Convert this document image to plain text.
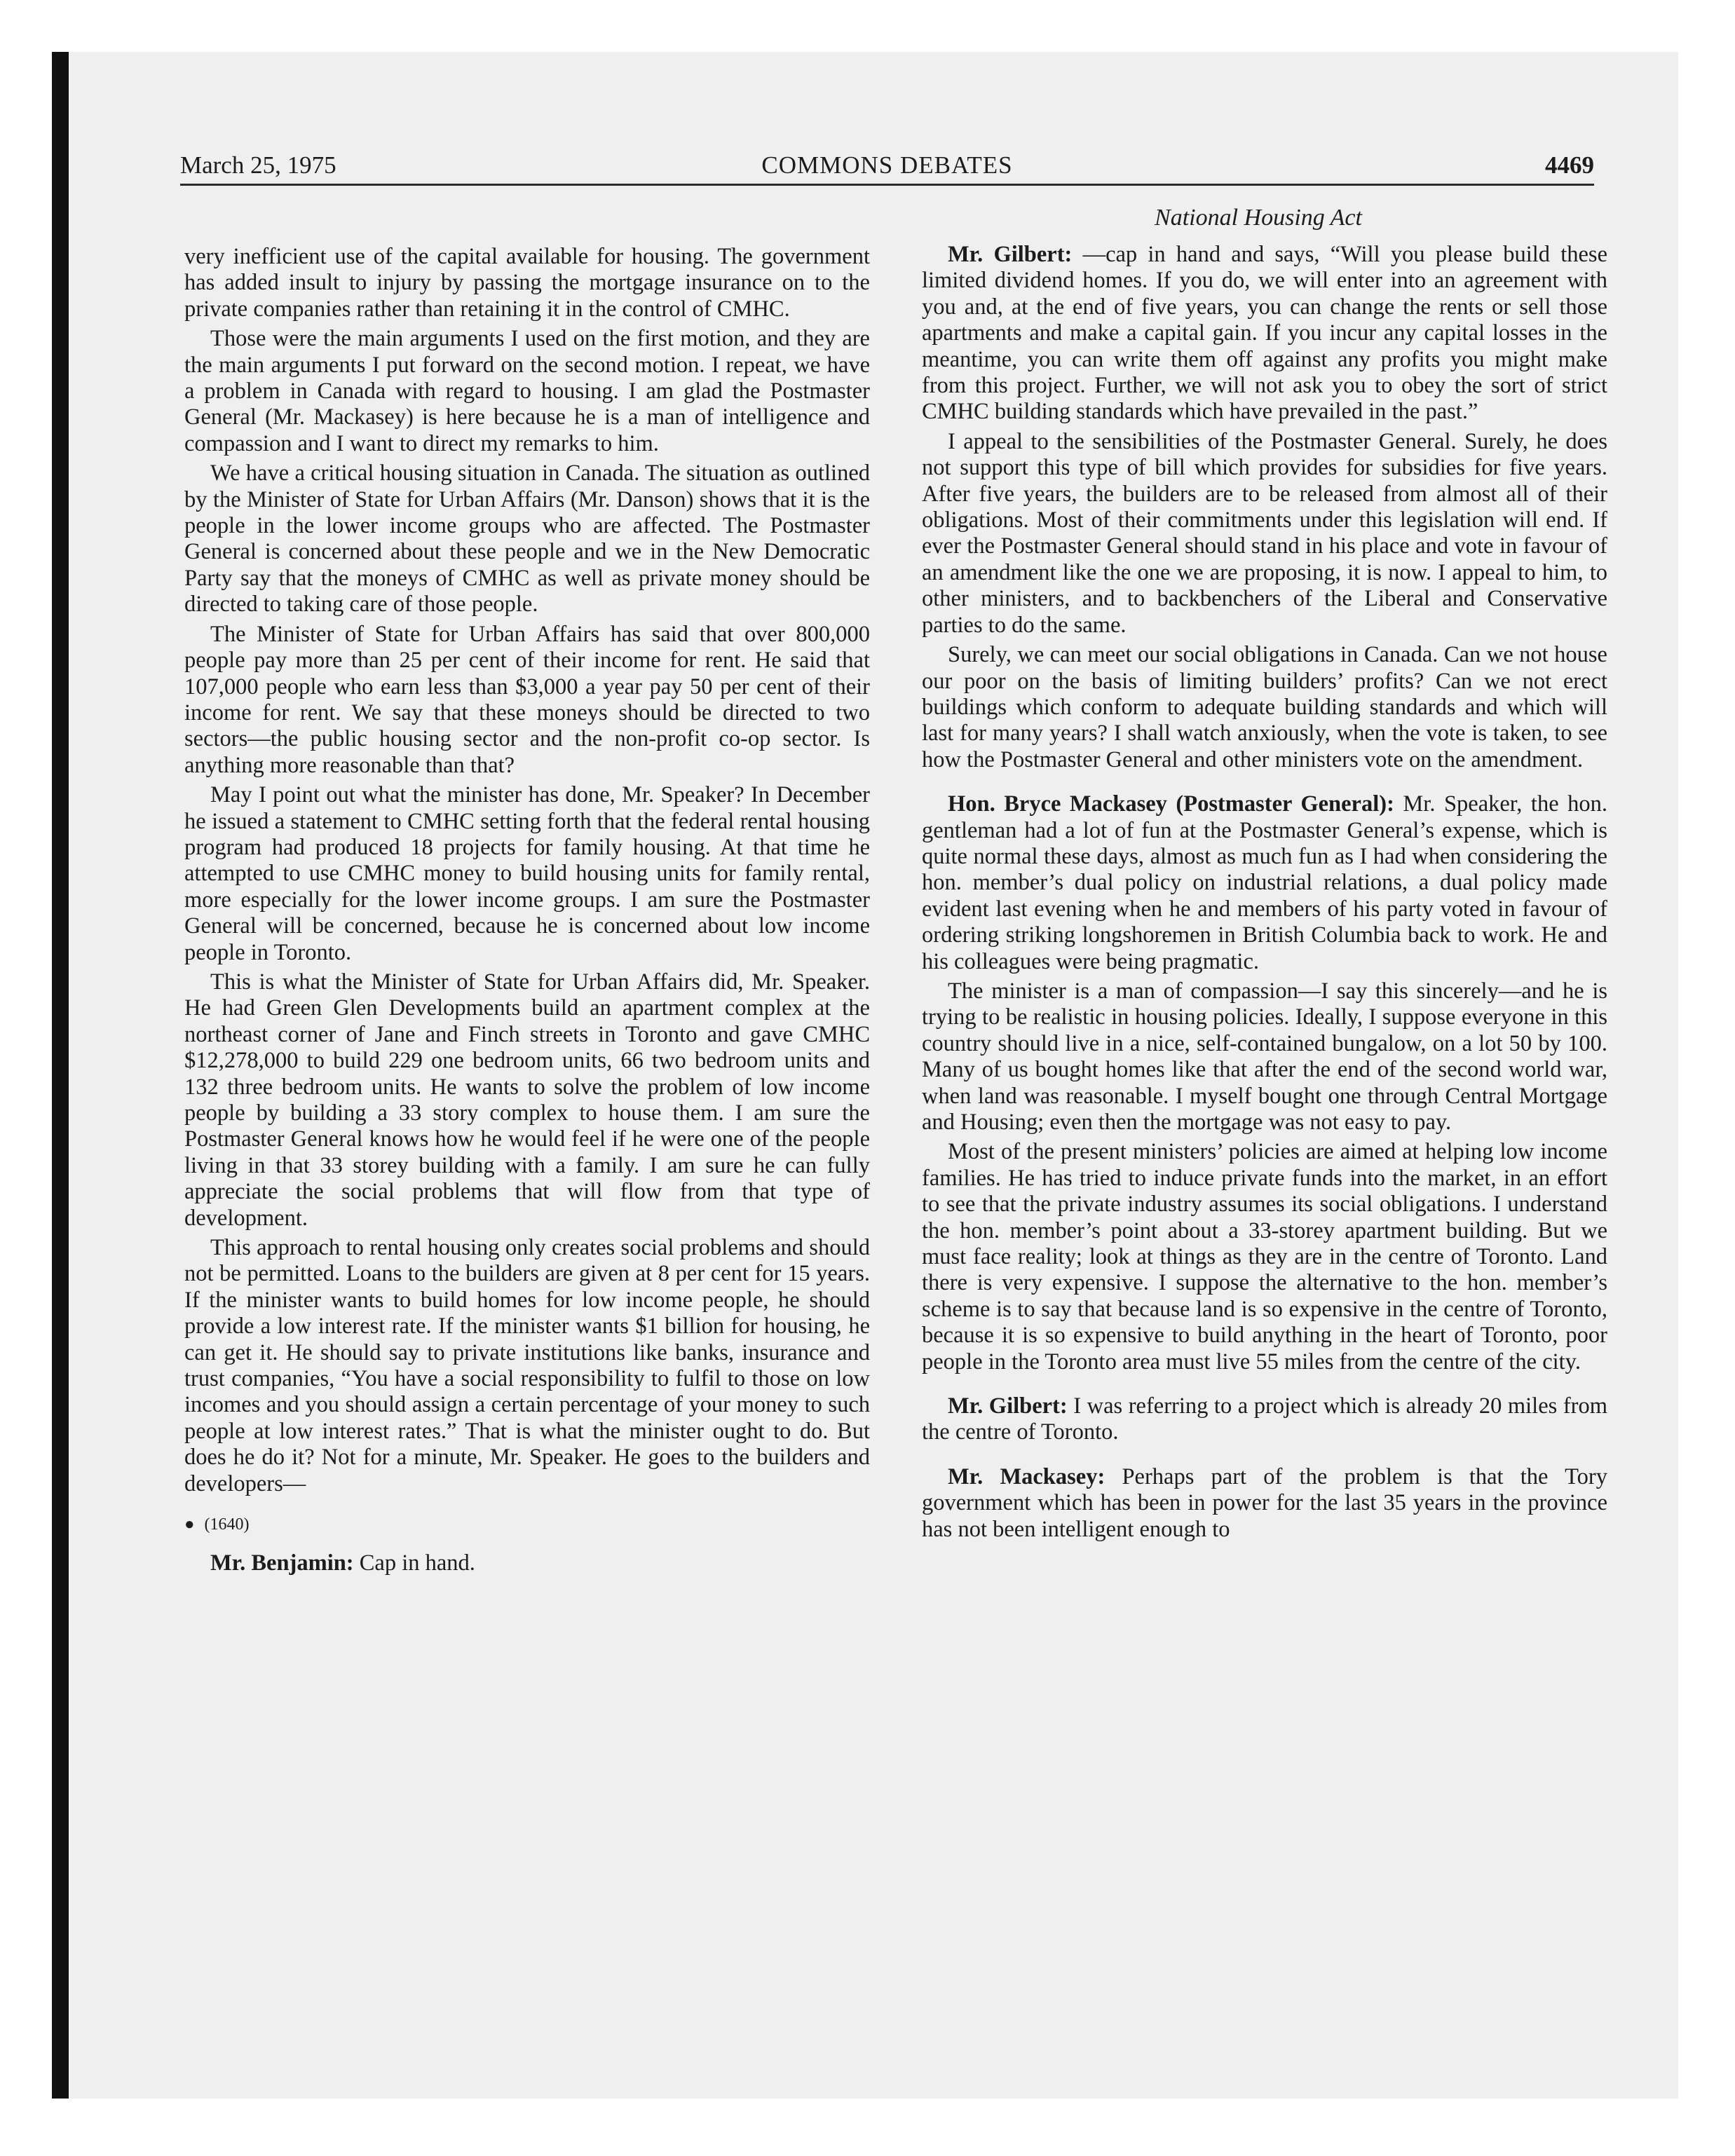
March 25, 1975	COMMONS DEBATES	4469
National Housing Act

very inefficient use of the capital available for housing. The government has added insult to injury by passing the mortgage insurance on to the private companies rather than retaining it in the control of CMHC.

Those were the main arguments I used on the first motion, and they are the main arguments I put forward on the second motion. I repeat, we have a problem in Canada with regard to housing. I am glad the Postmaster General (Mr. Mackasey) is here because he is a man of intelligence and compassion and I want to direct my remarks to him.

We have a critical housing situation in Canada. The situation as outlined by the Minister of State for Urban Affairs (Mr. Danson) shows that it is the people in the lower income groups who are affected. The Postmaster General is concerned about these people and we in the New Democratic Party say that the moneys of CMHC as well as private money should be directed to taking care of those people.

The Minister of State for Urban Affairs has said that over 800,000 people pay more than 25 per cent of their income for rent. He said that 107,000 people who earn less than $3,000 a year pay 50 per cent of their income for rent. We say that these moneys should be directed to two sectors—the public housing sector and the non-profit co-op sector. Is anything more reasonable than that?

May I point out what the minister has done, Mr. Speaker? In December he issued a statement to CMHC setting forth that the federal rental housing program had produced 18 projects for family housing. At that time he attempted to use CMHC money to build housing units for family rental, more especially for the lower income groups. I am sure the Postmaster General will be concerned, because he is concerned about low income people in Toronto.

This is what the Minister of State for Urban Affairs did, Mr. Speaker. He had Green Glen Developments build an apartment complex at the northeast corner of Jane and Finch streets in Toronto and gave CMHC $12,278,000 to build 229 one bedroom units, 66 two bedroom units and 132 three bedroom units. He wants to solve the problem of low income people by building a 33 story complex to house them. I am sure the Postmaster General knows how he would feel if he were one of the people living in that 33 storey building with a family. I am sure he can fully appreciate the social problems that will flow from that type of development.

This approach to rental housing only creates social problems and should not be permitted. Loans to the builders are given at 8 per cent for 15 years. If the minister wants to build homes for low income people, he should provide a low interest rate. If the minister wants $1 billion for housing, he can get it. He should say to private institutions like banks, insurance and trust companies, “You have a social responsibility to fulfil to those on low incomes and you should assign a certain percentage of your money to such people at low interest rates.” That is what the minister ought to do. But does he do it? Not for a minute, Mr. Speaker. He goes to the builders and developers—

● (1640)

Mr. Benjamin: Cap in hand.

Mr. Gilbert: —cap in hand and says, “Will you please build these limited dividend homes. If you do, we will enter into an agreement with you and, at the end of five years, you can change the rents or sell those apartments and make a capital gain. If you incur any capital losses in the meantime, you can write them off against any profits you might make from this project. Further, we will not ask you to obey the sort of strict CMHC building standards which have prevailed in the past.”

I appeal to the sensibilities of the Postmaster General. Surely, he does not support this type of bill which provides for subsidies for five years. After five years, the builders are to be released from almost all of their obligations. Most of their commitments under this legislation will end. If ever the Postmaster General should stand in his place and vote in favour of an amendment like the one we are proposing, it is now. I appeal to him, to other ministers, and to backbenchers of the Liberal and Conservative parties to do the same.

Surely, we can meet our social obligations in Canada. Can we not house our poor on the basis of limiting builders’ profits? Can we not erect buildings which conform to adequate building standards and which will last for many years? I shall watch anxiously, when the vote is taken, to see how the Postmaster General and other ministers vote on the amendment.

Hon. Bryce Mackasey (Postmaster General): Mr. Speaker, the hon. gentleman had a lot of fun at the Postmaster General’s expense, which is quite normal these days, almost as much fun as I had when considering the hon. member’s dual policy on industrial relations, a dual policy made evident last evening when he and members of his party voted in favour of ordering striking longshoremen in British Columbia back to work. He and his colleagues were being pragmatic.

The minister is a man of compassion—I say this sincerely—and he is trying to be realistic in housing policies. Ideally, I suppose everyone in this country should live in a nice, self-contained bungalow, on a lot 50 by 100. Many of us bought homes like that after the end of the second world war, when land was reasonable. I myself bought one through Central Mortgage and Housing; even then the mortgage was not easy to pay.

Most of the present ministers’ policies are aimed at helping low income families. He has tried to induce private funds into the market, in an effort to see that the private industry assumes its social obligations. I understand the hon. member’s point about a 33-storey apartment building. But we must face reality; look at things as they are in the centre of Toronto. Land there is very expensive. I suppose the alternative to the hon. member’s scheme is to say that because land is so expensive in the centre of Toronto, because it is so expensive to build anything in the heart of Toronto, poor people in the Toronto area must live 55 miles from the centre of the city.

Mr. Gilbert: I was referring to a project which is already 20 miles from the centre of Toronto.

Mr. Mackasey: Perhaps part of the problem is that the Tory government which has been in power for the last 35 years in the province has not been intelligent enough to
